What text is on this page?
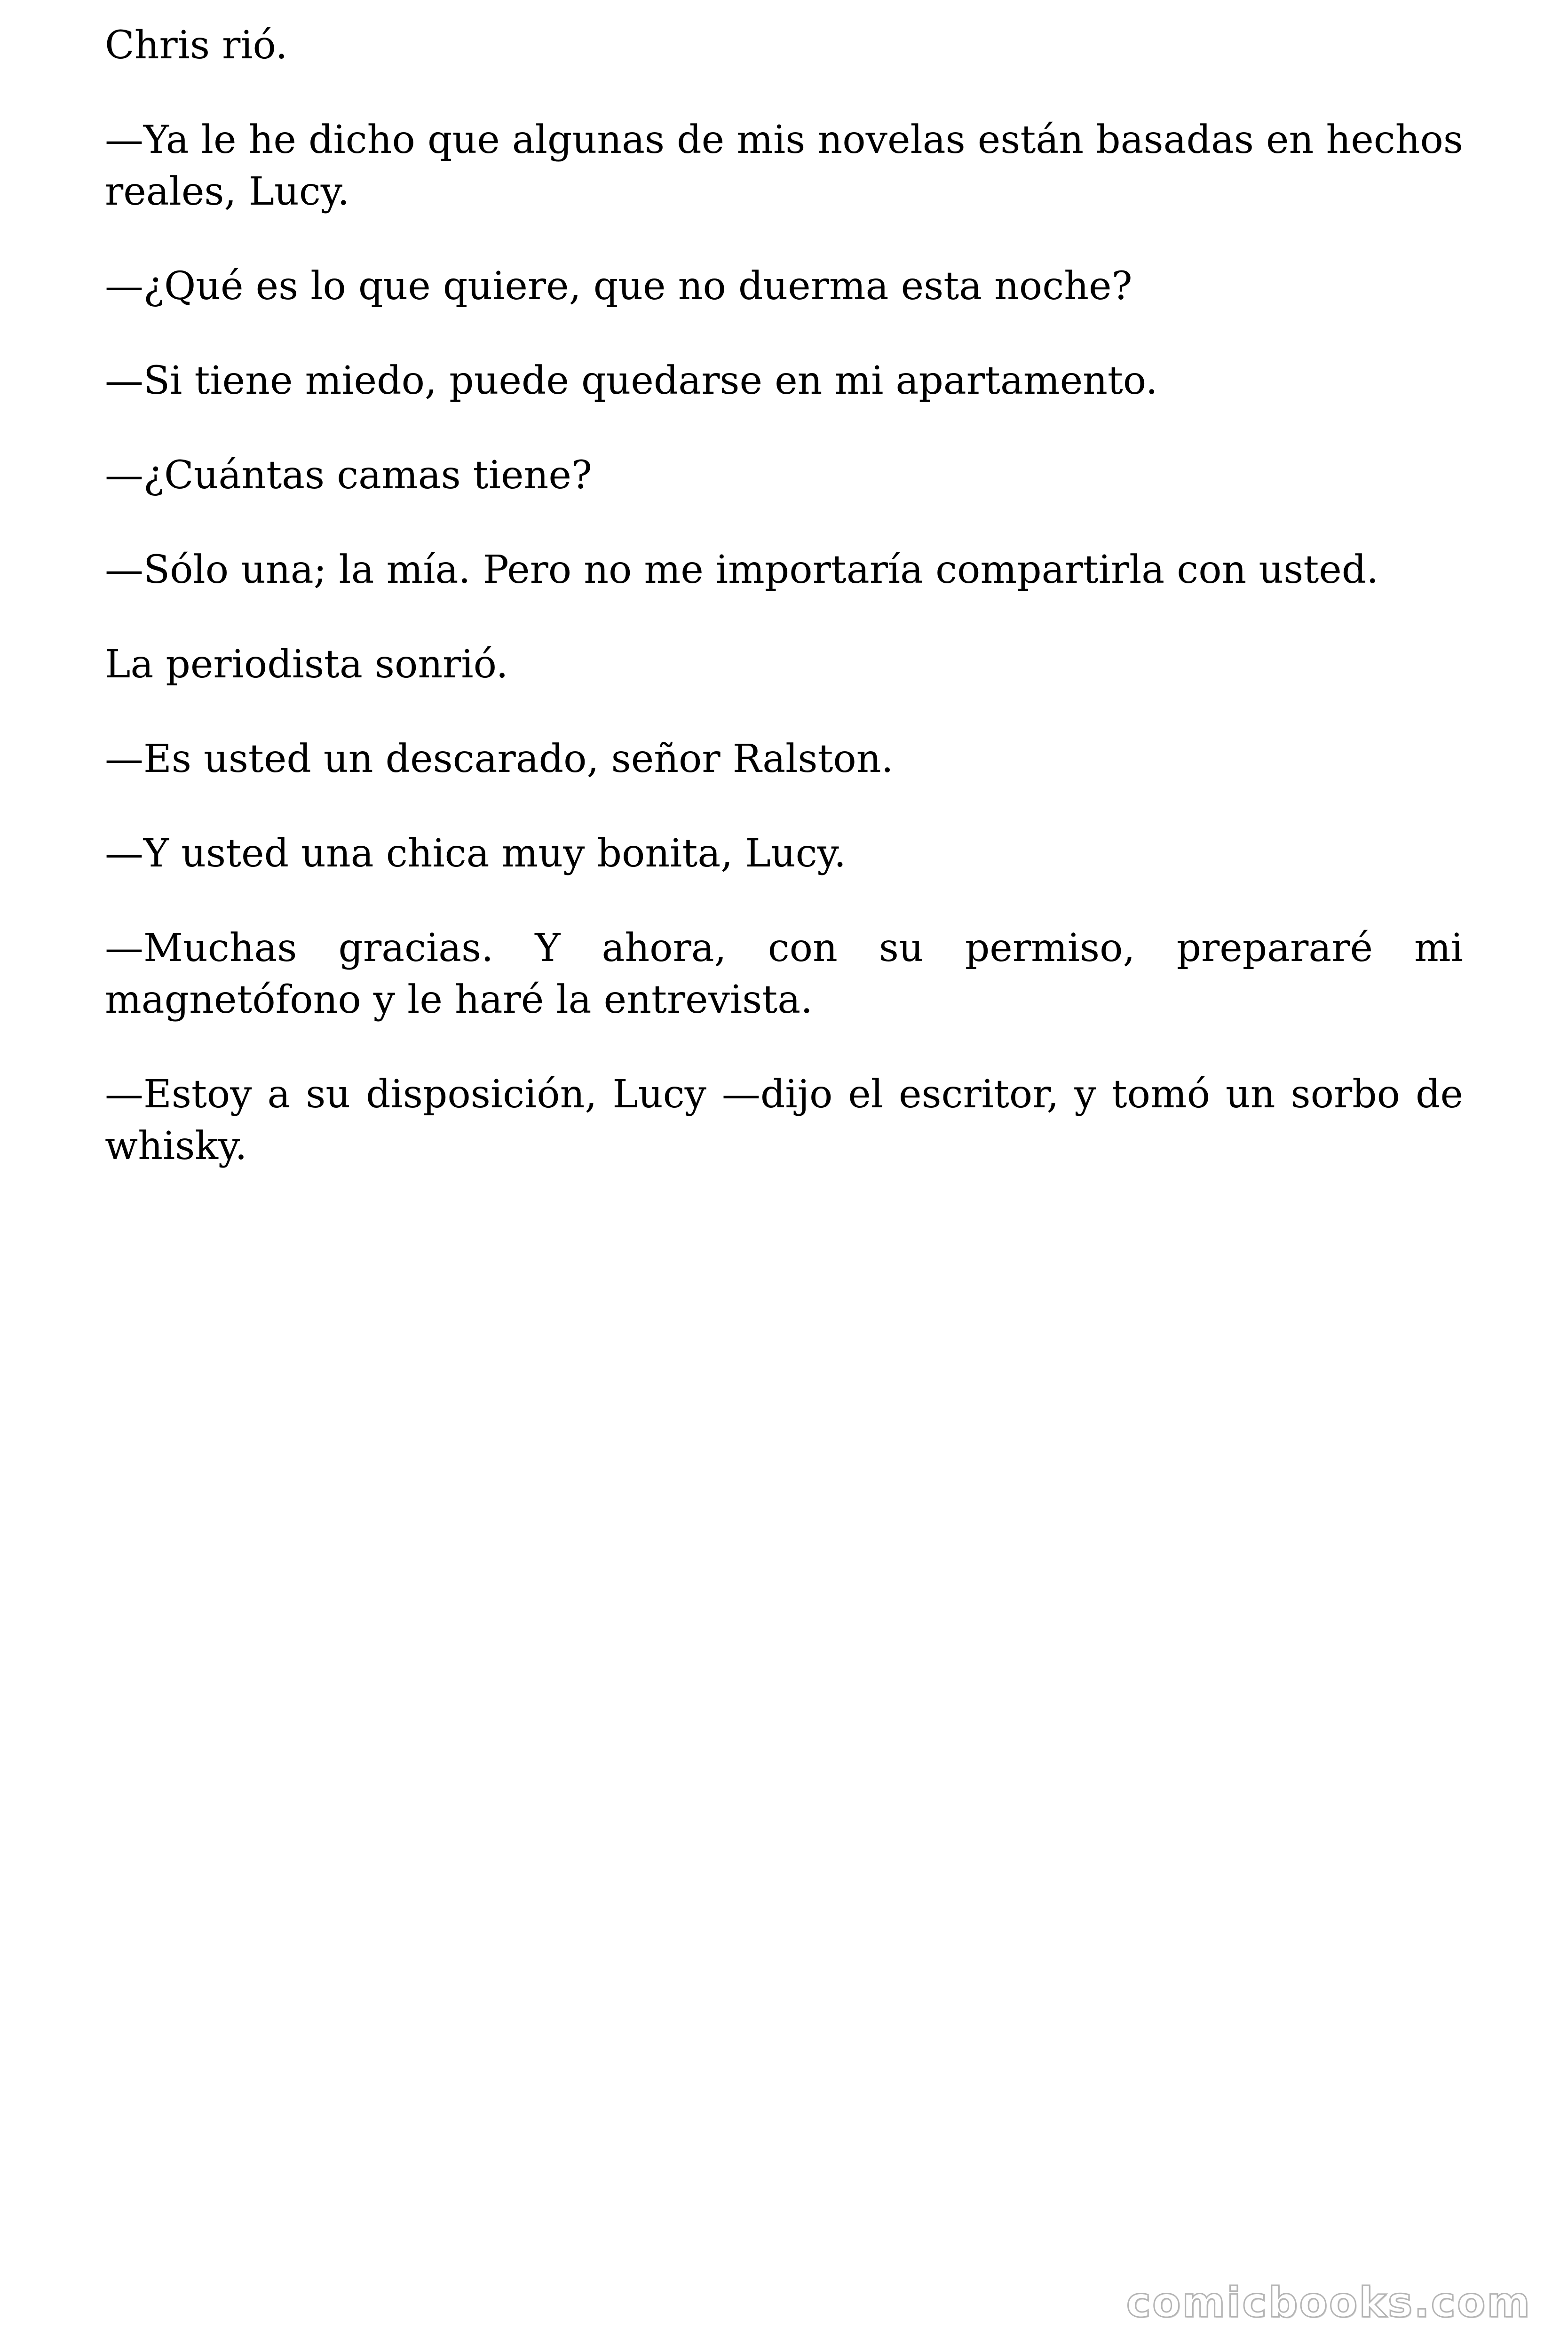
Chris rió.

—Ya le he dicho que algunas de mis novelas están basadas en hechos reales, Lucy.

—¿Qué es lo que quiere, que no duerma esta noche?

—Si tiene miedo, puede quedarse en mi apartamento.

—¿Cuántas camas tiene?

—Sólo una; la mía. Pero no me importaría compartirla con usted.

La periodista sonrió.

—Es usted un descarado, señor Ralston.

—Y usted una chica muy bonita, Lucy.

—Muchas gracias. Y ahora, con su permiso, prepararé mi magnetófono y le haré la entrevista.

—Estoy a su disposición, Lucy —dijo el escritor, y tomó un sorbo de whisky.

comicbooks.com
